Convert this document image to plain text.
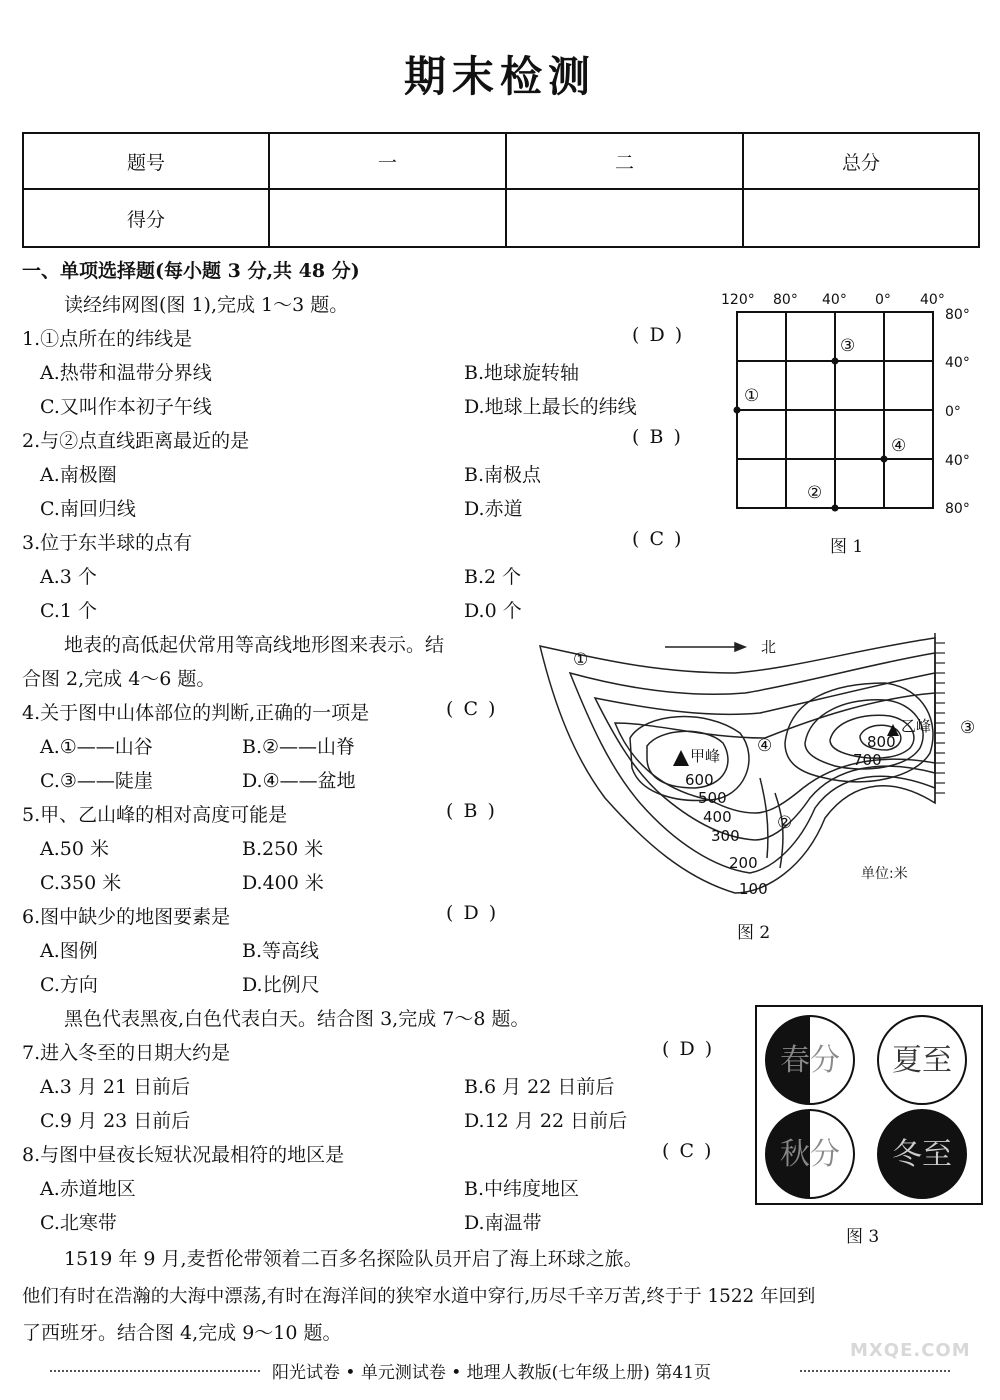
期末检测
题号	一	二	总分
得分			
一、单项选择题(每小题 3 分,共 48 分)
读经纬网图(图 1),完成 1～3 题。
1.①点所在的纬线是	( D )
A.热带和温带分界线	B.地球旋转轴
C.又叫作本初子午线	D.地球上最长的纬线
2.与②点直线距离最近的是	( B )
A.南极圈	B.南极点
C.南回归线	D.赤道
3.位于东半球的点有	( C )
A.3 个	B.2 个
C.1 个	D.0 个
地表的高低起伏常用等高线地形图来表示。结
合图 2,完成 4～6 题。
4.关于图中山体部位的判断,正确的一项是	( C )
A.①——山谷	B.②——山脊
C.③——陡崖	D.④——盆地
5.甲、乙山峰的相对高度可能是	( B )
A.50 米	B.250 米
C.350 米	D.400 米
6.图中缺少的地图要素是	( D )
A.图例	B.等高线
C.方向	D.比例尺
黑色代表黑夜,白色代表白天。结合图 3,完成 7～8 题。
7.进入冬至的日期大约是	( D )
A.3 月 21 日前后	B.6 月 22 日前后
C.9 月 23 日前后	D.12 月 22 日前后
8.与图中昼夜长短状况最相符的地区是	( C )
A.赤道地区	B.中纬度地区
C.北寒带	D.南温带
1519 年 9 月,麦哲伦带领着二百多名探险队员开启了海上环球之旅。
他们有时在浩瀚的大海中漂荡,有时在海洋间的狭窄水道中穿行,历尽千辛万苦,终于于 1522 年回到
了西班牙。结合图 4,完成 9～10 题。
120° 80° 40° 0° 40°
80°
40°
0°
40°
80°
①
②
③
④
图 1
北
甲峰
乙峰
①
②
③
④	800
700
600
500
400
300
200
100
单位:米
图 2
春分 夏至
秋分 冬至
图 3
阳光试卷 • 单元测试卷 • 地理人教版(七年级上册) 第41页
MXQE.COM
